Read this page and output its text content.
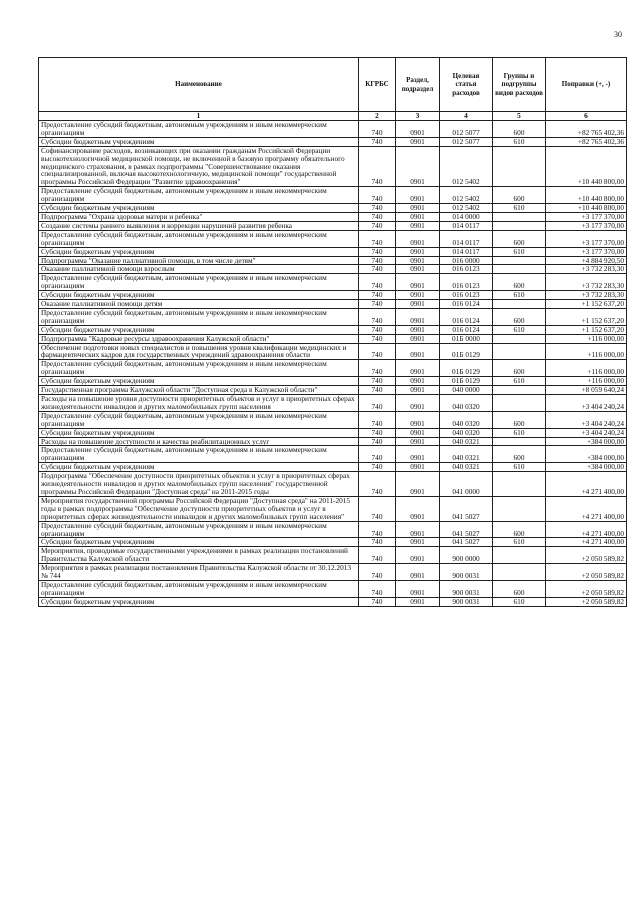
30
Наименование	КГРБС	Раздел, подраздел	Целевая статья расходов	Группы и подгруппы видов расходов	Поправки (+, -)
1	2	3	4	5	6
Предоставление субсидий бюджетным, автономным учреждениям и иным некоммерческим организациям	740	0901	012 5077	600	+82 765 402,36
Субсидии бюджетным учреждениям	740	0901	012 5077	610	+82 765 402,36
Софинансирование расходов, возникающих при оказании гражданам Российской Федерации высокотехнологичной медицинской помощи, не включенной в базовую программу обязательного медицинского страхования, в рамках подпрограммы "Совершенствование оказания специализированной, включая высокотехнологичную, медицинской помощи" государственной программы Российской Федерации "Развитие здравоохранения"	740	0901	012 5402		+10 440 800,00
Предоставление субсидий бюджетным, автономным учреждениям и иным некоммерческим организациям	740	0901	012 5402	600	+10 440 800,00
Субсидии бюджетным учреждениям	740	0901	012 5402	610	+10 440 800,00
Подпрограмма "Охрана здоровья матери и ребенка"	740	0901	014 0000		+3 177 370,00
Создание системы раннего выявления и коррекции нарушений развития ребенка	740	0901	014 0117		+3 177 370,00
Предоставление субсидий бюджетным, автономным учреждениям и иным некоммерческим организациям	740	0901	014 0117	600	+3 177 370,00
Субсидии бюджетным учреждениям	740	0901	014 0117	610	+3 177 370,00
Подпрограмма "Оказание паллиативной помощи, в том числе детям"	740	0901	016 0000		+4 884 920,50
Оказание паллиативной помощи взрослым	740	0901	016 0123		+3 732 283,30
Предоставление субсидий бюджетным, автономным учреждениям и иным некоммерческим организациям	740	0901	016 0123	600	+3 732 283,30
Субсидии бюджетным учреждениям	740	0901	016 0123	610	+3 732 283,30
Оказание паллиативной помощи детям	740	0901	016 0124		+1 152 637,20
Предоставление субсидий бюджетным, автономным учреждениям и иным некоммерческим организациям	740	0901	016 0124	600	+1 152 637,20
Субсидии бюджетным учреждениям	740	0901	016 0124	610	+1 152 637,20
Подпрограмма "Кадровые ресурсы здравоохранения Калужской области"	740	0901	01Б 0000		+116 000,00
Обеспечение подготовки новых специалистов и повышения уровня квалификации медицинских и фармацевтических кадров для государственных учреждений здравоохранения области	740	0901	01Б 0129		+116 000,00
Предоставление субсидий бюджетным, автономным учреждениям и иным некоммерческим организациям	740	0901	01Б 0129	600	+116 000,00
Субсидии бюджетным учреждениям	740	0901	01Б 0129	610	+116 000,00
Государственная программа Калужской области "Доступная среда в Калужской области"	740	0901	040 0000		+8 059 640,24
Расходы на повышение уровня доступности приоритетных объектов и услуг в приоритетных сферах жизнедеятельности инвалидов и других маломобильных групп населения	740	0901	040 0320		+3 404 240,24
Предоставление субсидий бюджетным, автономным учреждениям и иным некоммерческим организациям	740	0901	040 0320	600	+3 404 240,24
Субсидии бюджетным учреждениям	740	0901	040 0320	610	+3 404 240,24
Расходы на повышение доступности и качества реабилитационных услуг	740	0901	040 0321		+384 000,00
Предоставление субсидий бюджетным, автономным учреждениям и иным некоммерческим организациям	740	0901	040 0321	600	+384 000,00
Субсидии бюджетным учреждениям	740	0901	040 0321	610	+384 000,00
Подпрограмма "Обеспечение доступности приоритетных объектов и услуг в приоритетных сферах жизнедеятельности инвалидов и других маломобильных групп населения" государственной программы Российской Федерации "Доступная среда" на 2011-2015 годы	740	0901	041 0000		+4 271 400,00
Мероприятия государственной программы Российской Федерации "Доступная среда" на 2011-2015 годы в рамках подпрограммы "Обеспечение доступности приоритетных объектов и услуг в приоритетных сферах жизнедеятельности инвалидов и других маломобильных групп населения"	740	0901	041 5027		+4 271 400,00
Предоставление субсидий бюджетным, автономным учреждениям и иным некоммерческим организациям	740	0901	041 5027	600	+4 271 400,00
Субсидии бюджетным учреждениям	740	0901	041 5027	610	+4 271 400,00
Мероприятия, проводимые государственными учреждениями в рамках реализации постановлений Правительства Калужской области	740	0901	900 0000		+2 050 589,82
Мероприятия в рамках реализации постановления Правительства Калужской области от 30.12.2013 № 744	740	0901	900 0031		+2 050 589,82
Предоставление субсидий бюджетным, автономным учреждениям и иным некоммерческим организациям	740	0901	900 0031	600	+2 050 589,82
Субсидии бюджетным учреждениям	740	0901	900 0031	610	+2 050 589,82
